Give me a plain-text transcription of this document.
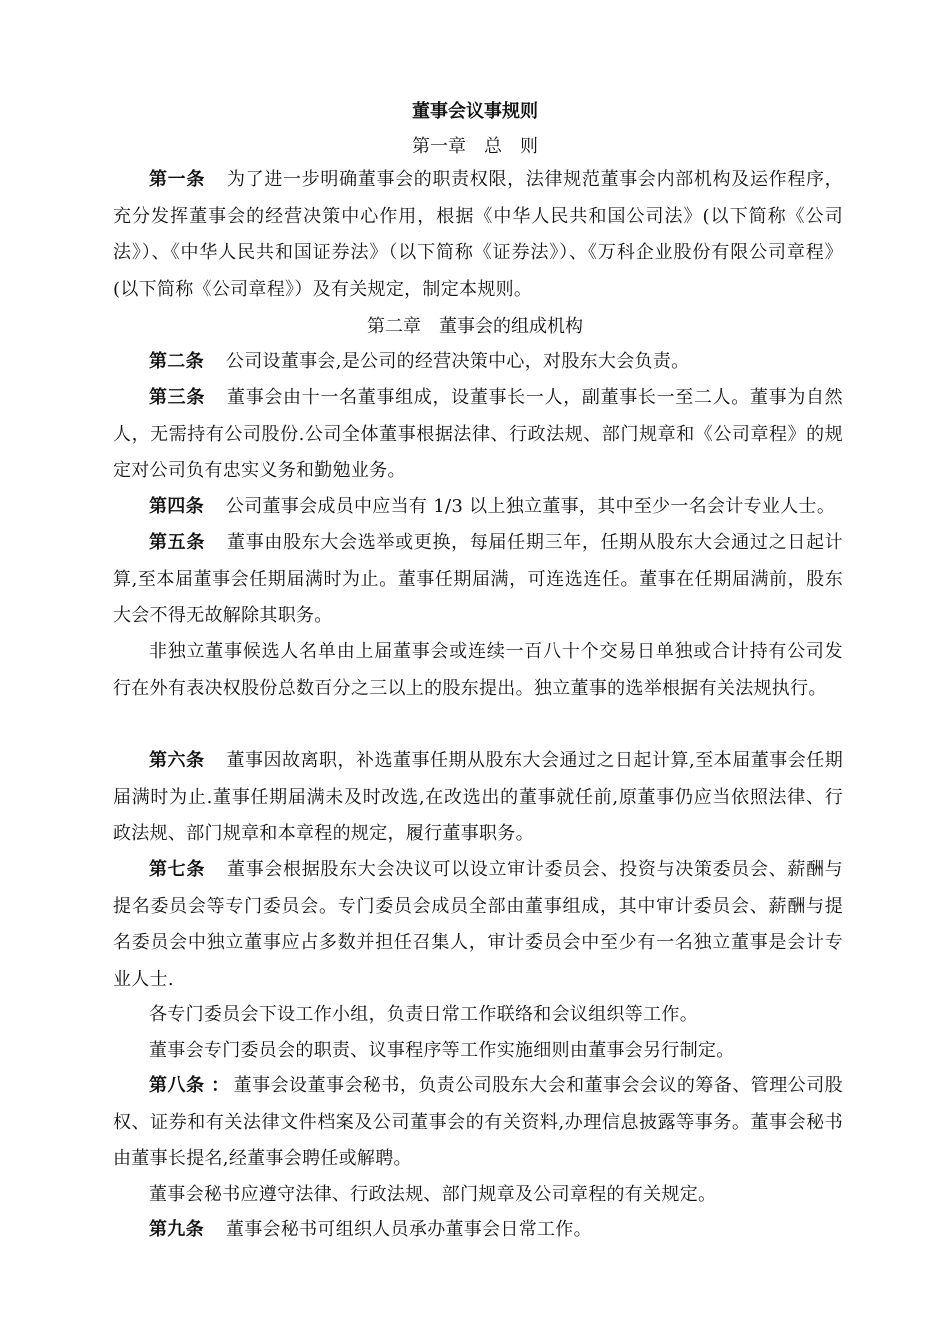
董事会议事规则
第一章　总　则
第一条 为了进一步明确董事会的职责权限，法律规范董事会内部机构及运作程序，充分发挥董事会的经营决策中心作用，根据《中华人民共和国公司法》(以下简称《公司法》）、《中华人民共和国证券法》（以下简称《证券法》）、《万科企业股份有限公司章程》(以下简称《公司章程》）及有关规定，制定本规则。
第二章　董事会的组成机构
第二条 公司设董事会,是公司的经营决策中心，对股东大会负责。
第三条 董事会由十一名董事组成，设董事长一人，副董事长一至二人。董事为自然人，无需持有公司股份.公司全体董事根据法律、行政法规、部门规章和《公司章程》的规定对公司负有忠实义务和勤勉业务。
第四条 公司董事会成员中应当有 1/3 以上独立董事，其中至少一名会计专业人士。
第五条 董事由股东大会选举或更换，每届任期三年，任期从股东大会通过之日起计算,至本届董事会任期届满时为止。董事任期届满，可连选连任。董事在任期届满前，股东大会不得无故解除其职务。
非独立董事候选人名单由上届董事会或连续一百八十个交易日单独或合计持有公司发行在外有表决权股份总数百分之三以上的股东提出。独立董事的选举根据有关法规执行。
第六条 董事因故离职，补选董事任期从股东大会通过之日起计算,至本届董事会任期届满时为止.董事任期届满未及时改选,在改选出的董事就任前,原董事仍应当依照法律、行政法规、部门规章和本章程的规定，履行董事职务。
第七条 董事会根据股东大会决议可以设立审计委员会、投资与决策委员会、薪酬与提名委员会等专门委员会。专门委员会成员全部由董事组成，其中审计委员会、薪酬与提名委员会中独立董事应占多数并担任召集人，审计委员会中至少有一名独立董事是会计专业人士.
各专门委员会下设工作小组，负责日常工作联络和会议组织等工作。
董事会专门委员会的职责、议事程序等工作实施细则由董事会另行制定。
第八条 ： 董事会设董事会秘书，负责公司股东大会和董事会会议的筹备、管理公司股权、证券和有关法律文件档案及公司董事会的有关资料,办理信息披露等事务。董事会秘书由董事长提名,经董事会聘任或解聘。
董事会秘书应遵守法律、行政法规、部门规章及公司章程的有关规定。
第九条 董事会秘书可组织人员承办董事会日常工作。
